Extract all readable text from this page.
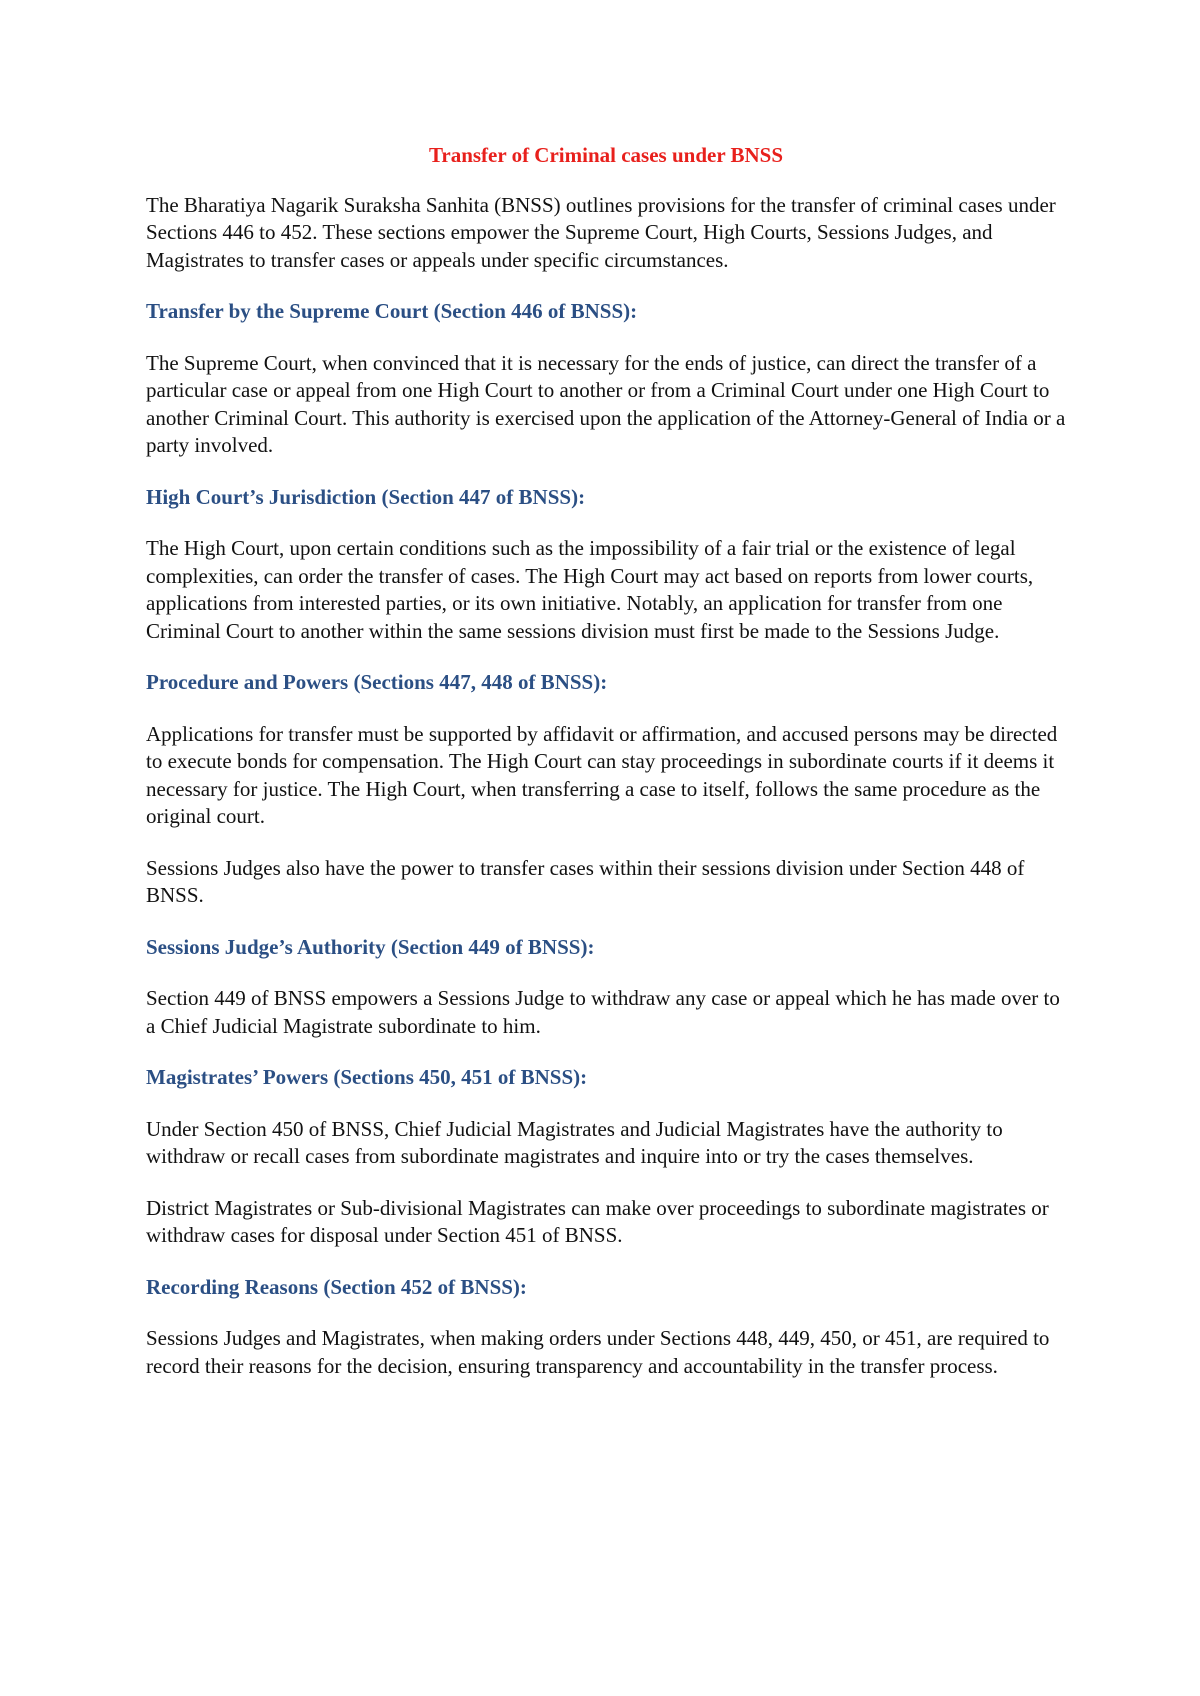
Transfer of Criminal cases under BNSS

The Bharatiya Nagarik Suraksha Sanhita (BNSS) outlines provisions for the transfer of criminal cases under Sections 446 to 452. These sections empower the Supreme Court, High Courts, Sessions Judges, and Magistrates to transfer cases or appeals under specific circumstances.

Transfer by the Supreme Court (Section 446 of BNSS):

The Supreme Court, when convinced that it is necessary for the ends of justice, can direct the transfer of a particular case or appeal from one High Court to another or from a Criminal Court under one High Court to another Criminal Court. This authority is exercised upon the application of the Attorney-General of India or a party involved.

High Court’s Jurisdiction (Section 447 of BNSS):

The High Court, upon certain conditions such as the impossibility of a fair trial or the existence of legal complexities, can order the transfer of cases. The High Court may act based on reports from lower courts, applications from interested parties, or its own initiative. Notably, an application for transfer from one Criminal Court to another within the same sessions division must first be made to the Sessions Judge.

Procedure and Powers (Sections 447, 448 of BNSS):

Applications for transfer must be supported by affidavit or affirmation, and accused persons may be directed to execute bonds for compensation. The High Court can stay proceedings in subordinate courts if it deems it necessary for justice. The High Court, when transferring a case to itself, follows the same procedure as the original court.

Sessions Judges also have the power to transfer cases within their sessions division under Section 448 of BNSS.

Sessions Judge’s Authority (Section 449 of BNSS):

Section 449 of BNSS empowers a Sessions Judge to withdraw any case or appeal which he has made over to a Chief Judicial Magistrate subordinate to him.

Magistrates’ Powers (Sections 450, 451 of BNSS):

Under Section 450 of BNSS, Chief Judicial Magistrates and Judicial Magistrates have the authority to withdraw or recall cases from subordinate magistrates and inquire into or try the cases themselves.

District Magistrates or Sub-divisional Magistrates can make over proceedings to subordinate magistrates or withdraw cases for disposal under Section 451 of BNSS.

Recording Reasons (Section 452 of BNSS):

Sessions Judges and Magistrates, when making orders under Sections 448, 449, 450, or 451, are required to record their reasons for the decision, ensuring transparency and accountability in the transfer process.
